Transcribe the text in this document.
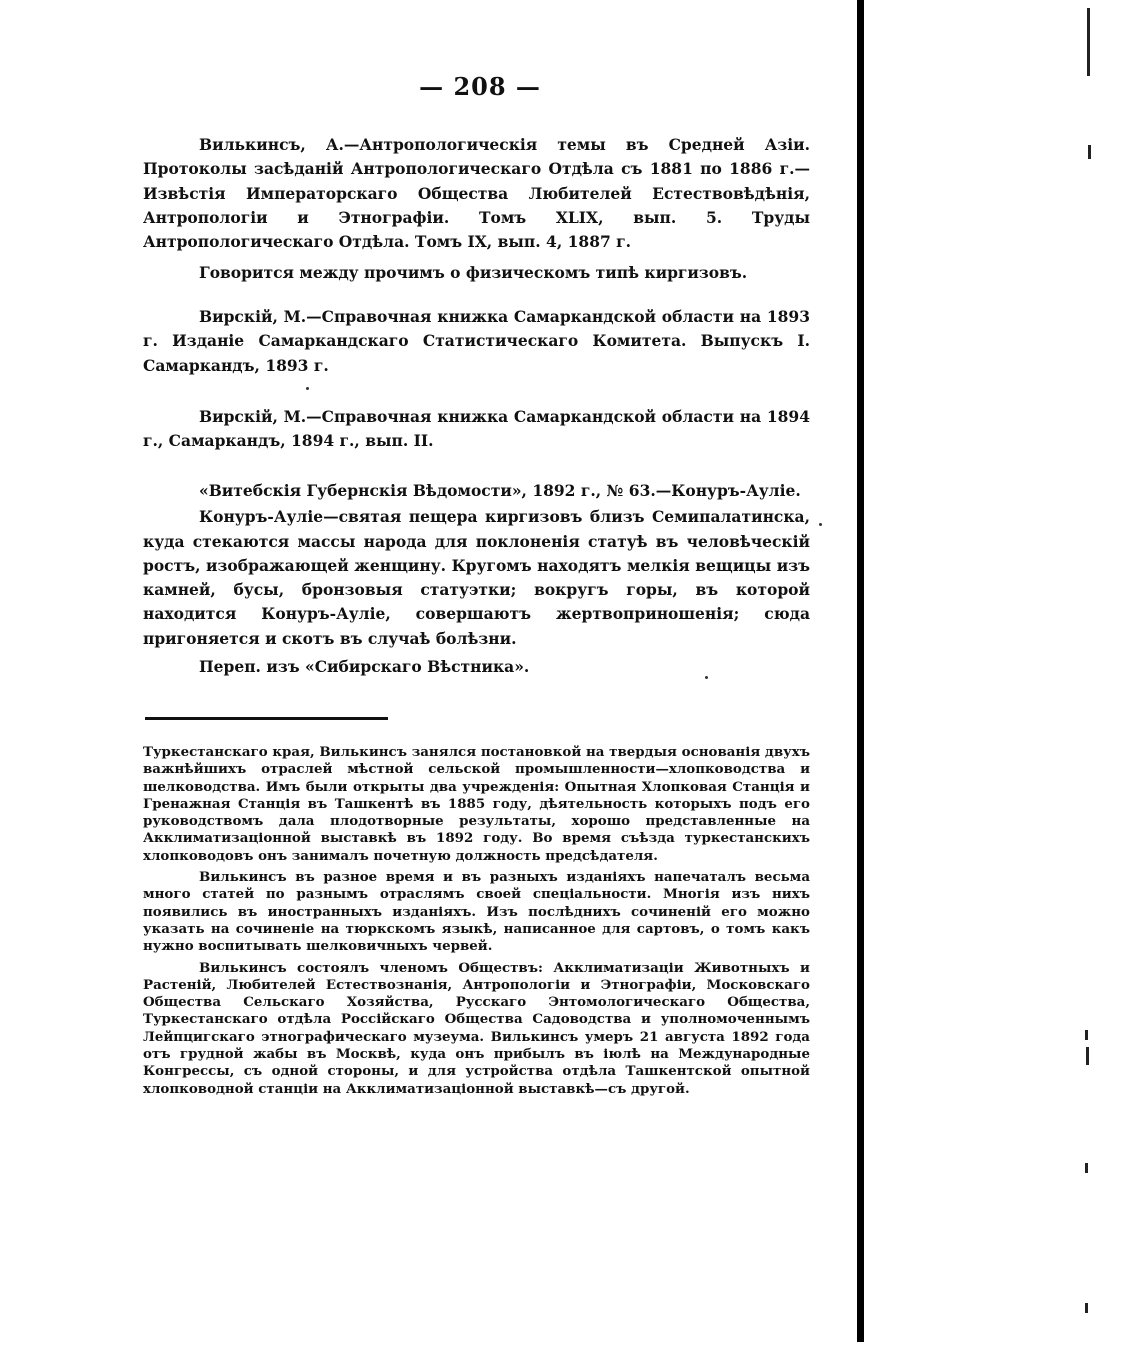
— 208 —

Вилькинсъ, А.—Антропологическія темы въ Средней Азіи. Протоколы засѣданій Антропологическаго Отдѣла съ 1881 по 1886 г.—Извѣстія Императорскаго Общества Любителей Естествовѣдѣнія, Антропологіи и Этнографіи. Томъ XLIX, вып. 5. Труды Антропологическаго Отдѣла. Томъ IX, вып. 4, 1887 г.

Говорится между прочимъ о физическомъ типѣ киргизовъ.

Вирскій, М.—Справочная книжка Самаркандской области на 1893 г. Изданіе Самаркандскаго Статистическаго Комитета. Выпускъ I. Самаркандъ, 1893 г.

Вирскій, М.—Справочная книжка Самаркандской области на 1894 г., Самаркандъ, 1894 г., вып. II.

«Витебскія Губернскія Вѣдомости», 1892 г., № 63.—Конуръ-Ауліе.

Конуръ-Ауліе—святая пещера киргизовъ близъ Семипалатинска, куда стекаются массы народа для поклоненія статуѣ въ человѣческій ростъ, изображающей женщину. Кругомъ находятъ мелкія вещицы изъ камней, бусы, бронзовыя статуэтки; вокругъ горы, въ которой находится Конуръ-Ауліе, совершаютъ жертвоприношенія; сюда пригоняется и скотъ въ случаѣ болѣзни.

Переп. изъ «Сибирскаго Вѣстника».

Туркестанскаго края, Вилькинсъ занялся постановкой на твердыя основанія двухъ важнѣйшихъ отраслей мѣстной сельской промышленности—хлопководства и шелководства. Имъ были открыты два учрежденія: Опытная Хлопковая Станція и Гренажная Станція въ Ташкентѣ въ 1885 году, дѣятельность которыхъ подъ его руководствомъ дала плодотворные результаты, хорошо представленные на Акклиматизаціонной выставкѣ въ 1892 году. Во время съѣзда туркестанскихъ хлопководовъ онъ занималъ почетную должность предсѣдателя.

Вилькинсъ въ разное время и въ разныхъ изданіяхъ напечаталъ весьма много статей по разнымъ отраслямъ своей спеціальности. Многія изъ нихъ появились въ иностранныхъ изданіяхъ. Изъ послѣднихъ сочиненій его можно указать на сочиненіе на тюркскомъ языкѣ, написанное для сартовъ, о томъ какъ нужно воспитывать шелковичныхъ червей.

Вилькинсъ состоялъ членомъ Обществъ: Акклиматизаціи Животныхъ и Растеній, Любителей Естествознанія, Антропологіи и Этнографіи, Московскаго Общества Сельскаго Хозяйства, Русскаго Энтомологическаго Общества, Туркестанскаго отдѣла Россійскаго Общества Садоводства и уполномоченнымъ Лейпцигскаго этнографическаго музеума. Вилькинсъ умеръ 21 августа 1892 года отъ грудной жабы въ Москвѣ, куда онъ прибылъ въ іюлѣ на Международные Конгрессы, съ одной стороны, и для устройства отдѣла Ташкентской опытной хлопководной станціи на Акклиматизаціонной выставкѣ—съ другой.
